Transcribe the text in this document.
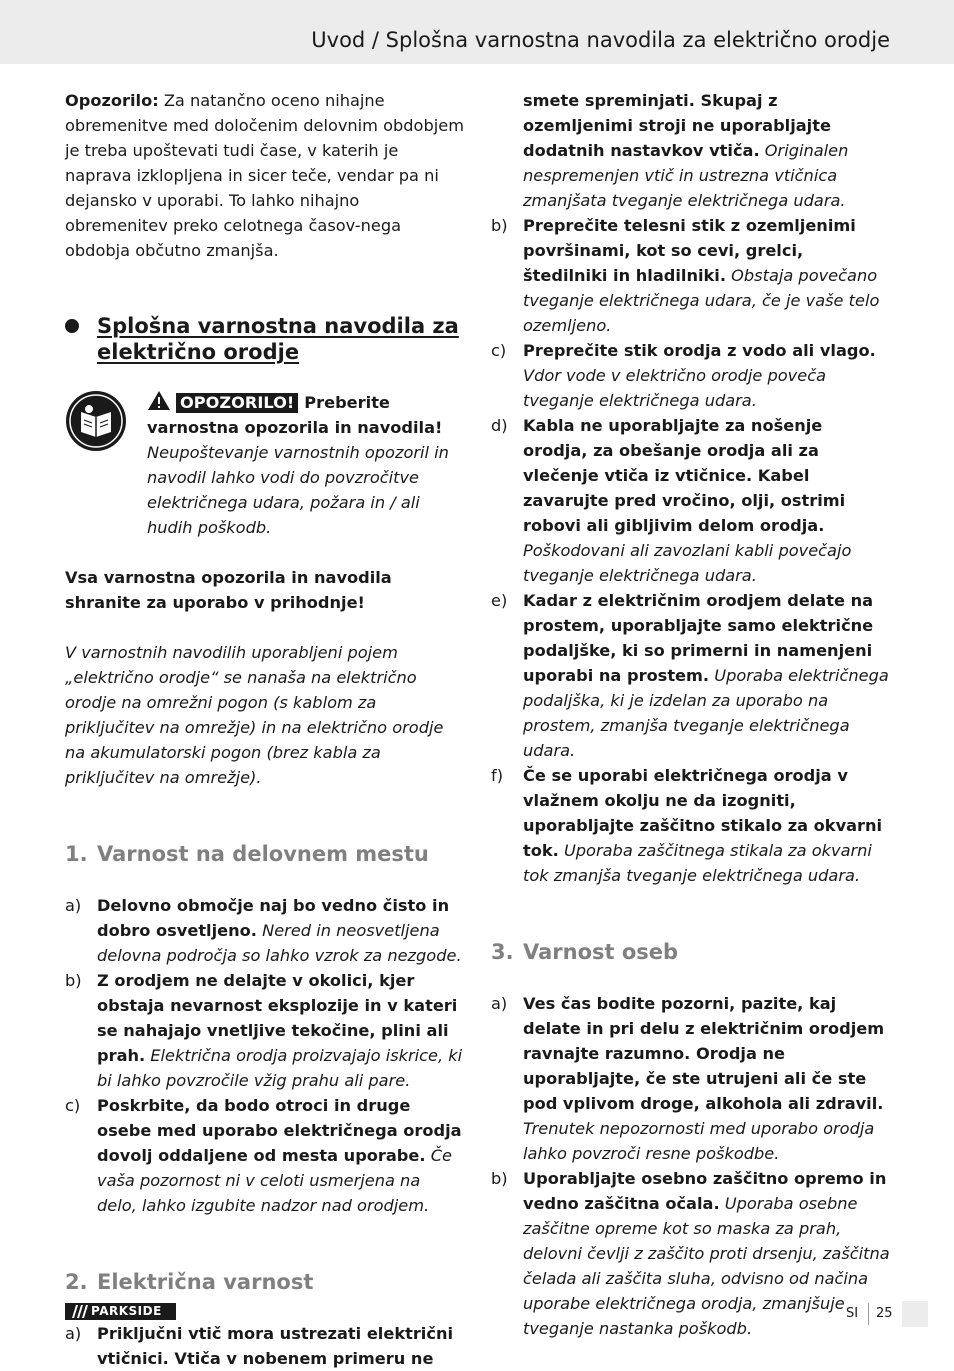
Uvod / Splošna varnostna navodila za električno orodje

Opozorilo: Za natančno oceno nihajne obremenitve med določenim delovnim obdobjem je treba upoštevati tudi čase, v katerih je naprava izklopljena in sicer teče, vendar pa ni dejansko v uporabi. To lahko nihajno obremenitev preko celotnega časov-nega obdobja občutno zmanjša.

Splošna varnostna navodila za električno orodje
OPOZORILO! Preberite varnostna opozorila in navodila! Neupoštevanje varnostnih opozoril in navodil lahko vodi do povzročitve električnega udara, požara in / ali hudih poškodb.

Vsa varnostna opozorila in navodila shranite za uporabo v prihodnje!

V varnostnih navodilih uporabljeni pojem „električno orodje“ se nanaša na električno orodje na omrežni pogon (s kablom za priključitev na omrežje) in na električno orodje na akumulatorski pogon (brez kabla za priključitev na omrežje).

1. Varnost na delovnem mestu
a) Delovno območje naj bo vedno čisto in dobro osvetljeno. Nered in neosvetljena delovna področja so lahko vzrok za nezgode.
b) Z orodjem ne delajte v okolici, kjer obstaja nevarnost eksplozije in v kateri se nahajajo vnetljive tekočine, plini ali prah. Električna orodja proizvajajo iskrice, ki bi lahko povzročile vžig prahu ali pare.
c)	Poskrbite, da bodo otroci in druge osebe med uporabo električnega orodja dovolj oddaljene od mesta uporabe. Če vaša pozornost ni v celoti usmerjena na delo, lahko izgubite nadzor nad orodjem.
2. Električna varnost
a) Priključni vtič mora ustrezati električni vtičnici. Vtiča v nobenem primeru ne
smete spreminjati. Skupaj z ozemljenimi stroji ne uporabljajte dodatnih nastavkov vtiča. Originalen nespremenjen vtič in ustrezna vtičnica zmanjšata tveganje električnega udara.
b) Preprečite telesni stik z ozemljenimi površinami, kot so cevi, grelci, štedilniki in hladilniki. Obstaja povečano tveganje električnega udara, če je vaše telo ozemljeno.
c)	Preprečite stik orodja z vodo ali vlago. Vdor vode v električno orodje poveča tveganje električnega udara.
d) Kabla ne uporabljajte za nošenje orodja, za obešanje orodja ali za vlečenje vtiča iz vtičnice. Kabel zavarujte pred vročino, olji, ostrimi robovi ali gibljivim delom orodja. Poškodovani ali zavozlani kabli povečajo tveganje električnega udara.
e) Kadar z električnim orodjem delate na prostem, uporabljajte samo električne podaljške, ki so primerni in namenjeni uporabi na prostem. Uporaba električnega podaljška, ki je izdelan za uporabo na prostem, zmanjša tveganje električnega udara.
f)	Če se uporabi električnega orodja v vlažnem okolju ne da izogniti, uporabljajte zaščitno stikalo za okvarni tok. Uporaba zaščitnega stikala za okvarni tok zmanjša tveganje električnega udara.
3. Varnost oseb
a) Ves čas bodite pozorni, pazite, kaj delate in pri delu z električnim orodjem ravnajte razumno. Orodja ne uporabljajte, če ste utrujeni ali če ste pod vplivom droge, alkohola ali zdravil. Trenutek nepozornosti med uporabo orodja lahko povzroči resne poškodbe.
b) Uporabljajte osebno zaščitno opremo in vedno zaščitna očala. Uporaba osebne zaščitne opreme kot so maska za prah, delovni čevlji z zaščito proti drsenju, zaščitna čelada ali zaščita sluha, odvisno od načina uporabe električnega orodja, zmanjšuje tveganje nastanka poškodb.
PARKSIDE	SI 25
